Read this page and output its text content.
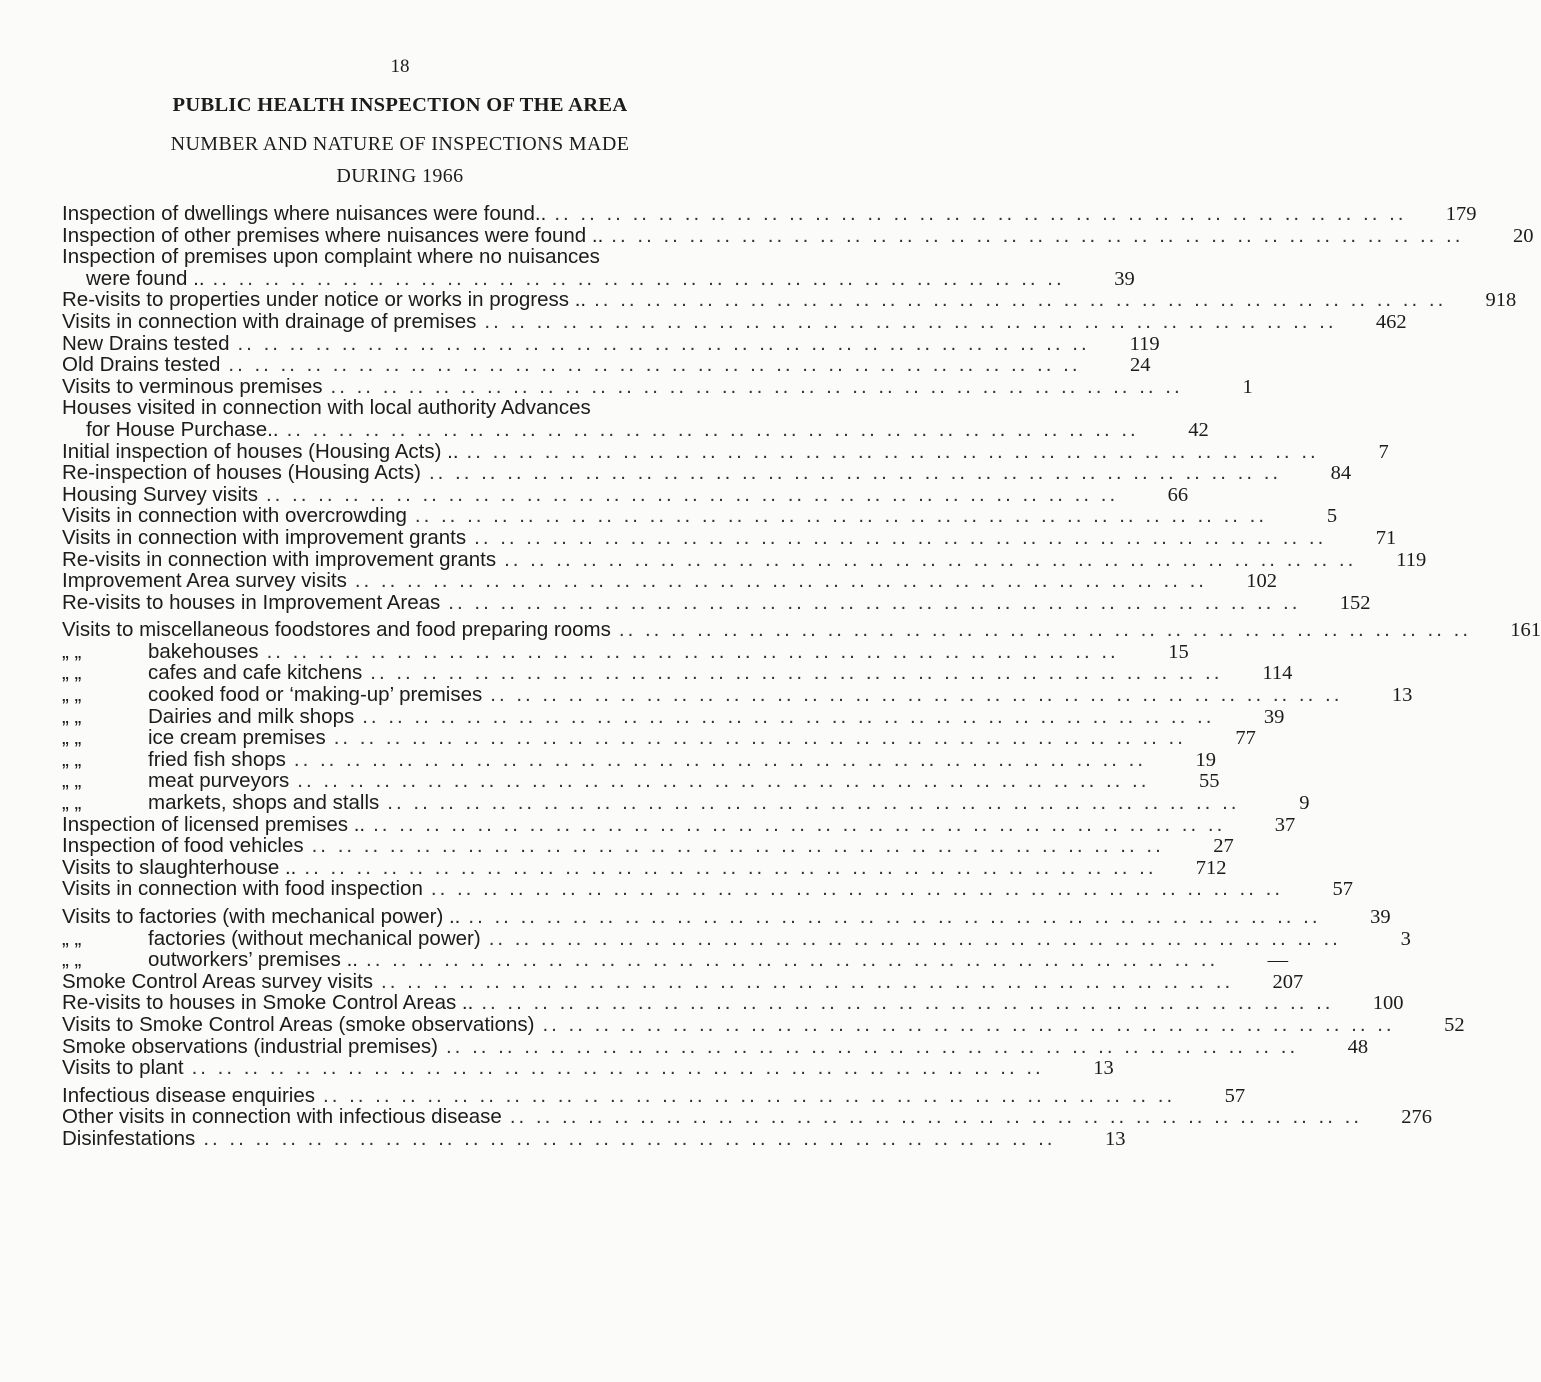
18
PUBLIC HEALTH INSPECTION OF THE AREA
NUMBER AND NATURE OF INSPECTIONS MADE
DURING 1966
Inspection of dwellings where nuisances were found.. .. ..	179
Inspection of other premises where nuisances were found .. .. ..	20
Inspection of premises upon complaint where no nuisances
were found .. .. ..	39
Re-visits to properties under notice or works in progress .. .. ..	918
Visits in connection with drainage of premises .. ..	462
New Drains tested .. ..	119
Old Drains tested .. ..	24
Visits to verminous premises .. ..	1
Houses visited in connection with local authority Advances
for House Purchase.. .. ..	42
Initial inspection of houses (Housing Acts) .. .. ..	7
Re-inspection of houses (Housing Acts) .. ..	84
Housing Survey visits .. ..	66
Visits in connection with overcrowding .. ..	5
Visits in connection with improvement grants .. ..	71
Re-visits in connection with improvement grants .. ..	119
Improvement Area survey visits .. ..	102
Re-visits to houses in Improvement Areas .. ..	152
Visits to miscellaneous foodstores and food preparing rooms .. ..	161
„ „	bakehouses .. ..	15
„ „	cafes and cafe kitchens .. ..	114
„ „	cooked food or ‘making-up’ premises .. ..	13
„ „	Dairies and milk shops .. ..	39
„ „	ice cream premises .. ..	77
„ „	fried fish shops .. ..	19
„ „	meat purveyors .. ..	55
„ „	markets, shops and stalls .. ..	9
Inspection of licensed premises .. .. ..	37
Inspection of food vehicles .. ..	27
Visits to slaughterhouse .. .. ..	712
Visits in connection with food inspection .. ..	57
Visits to factories (with mechanical power) .. .. ..	39
„ „	factories (without mechanical power) .. ..	3
„ „	outworkers’ premises .. .. ..	—
Smoke Control Areas survey visits .. ..	207
Re-visits to houses in Smoke Control Areas .. .. ..	100
Visits to Smoke Control Areas (smoke observations) .. ..	52
Smoke observations (industrial premises) .. ..	48
Visits to plant .. ..	13
Infectious disease enquiries .. ..	57
Other visits in connection with infectious disease .. ..	276
Disinfestations .. ..	13
